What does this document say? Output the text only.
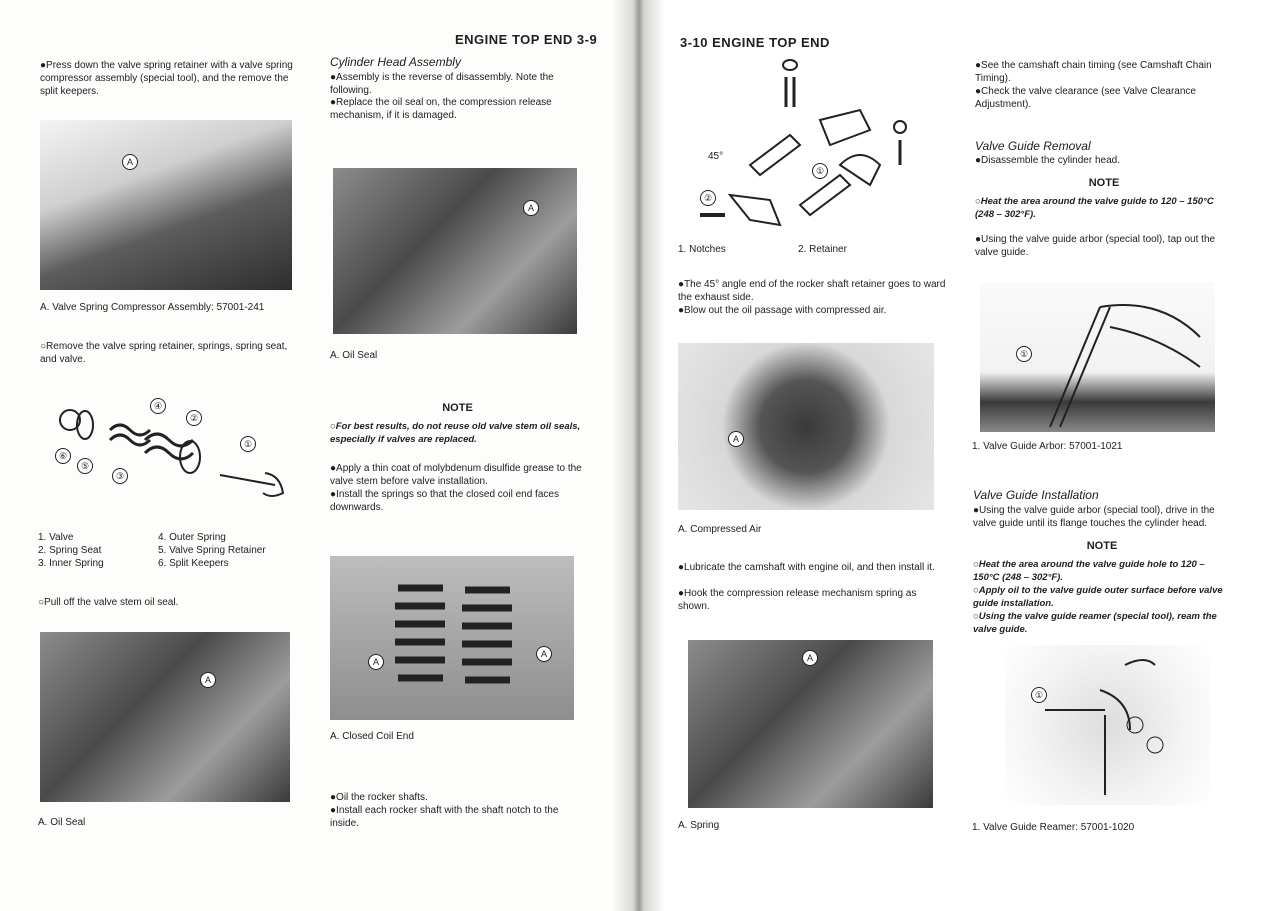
ENGINE TOP END 3-9
●Press down the valve spring retainer with a valve spring compressor assembly (special tool), and the remove the split keepers.
A
A. Valve Spring Compressor Assembly: 57001-241
○Remove the valve spring retainer, springs, spring seat, and valve.
④
②
①
⑥
⑤
③
1. Valve
2. Spring Seat
3. Inner Spring
4. Outer Spring
5. Valve Spring Retainer
6. Split Keepers
○Pull off the valve stem oil seal.
A
A. Oil Seal
Cylinder Head Assembly
●Assembly is the reverse of disassembly. Note the following.
●Replace the oil seal on, the compression release mechanism, if it is damaged.
A
A. Oil Seal
NOTE
○For best results, do not reuse old valve stem oil seals, especially if valves are replaced.
●Apply a thin coat of molybdenum disulfide grease to the valve stem before valve installation.
●Install the springs so that the closed coil end faces downwards.
A
A
A. Closed Coil End
●Oil the rocker shafts.
●Install each rocker shaft with the shaft notch to the inside.
3-10 ENGINE TOP END
45°
②
①
1. Notches	2. Retainer
●The 45° angle end of the rocker shaft retainer goes to ward the exhaust side.
●Blow out the oil passage with compressed air.
A
A. Compressed Air
●Lubricate the camshaft with engine oil, and then install it.
●Hook the compression release mechanism spring as shown.
A
A. Spring
●See the camshaft chain timing (see Camshaft Chain Timing).
●Check the valve clearance (see Valve Clearance Adjustment).
Valve Guide Removal
●Disassemble the cylinder head.
NOTE
○Heat the area around the valve guide to 120 – 150°C (248 – 302°F).
●Using the valve guide arbor (special tool), tap out the valve guide.
①
1. Valve Guide Arbor: 57001-1021
Valve Guide Installation
●Using the valve guide arbor (special tool), drive in the valve guide until its flange touches the cylinder head.
NOTE
○Heat the area around the valve guide hole to 120 – 150°C (248 – 302°F).
○Apply oil to the valve guide outer surface before valve guide installation.
○Using the valve guide reamer (special tool), ream the valve guide.
①
1. Valve Guide Reamer: 57001-1020
